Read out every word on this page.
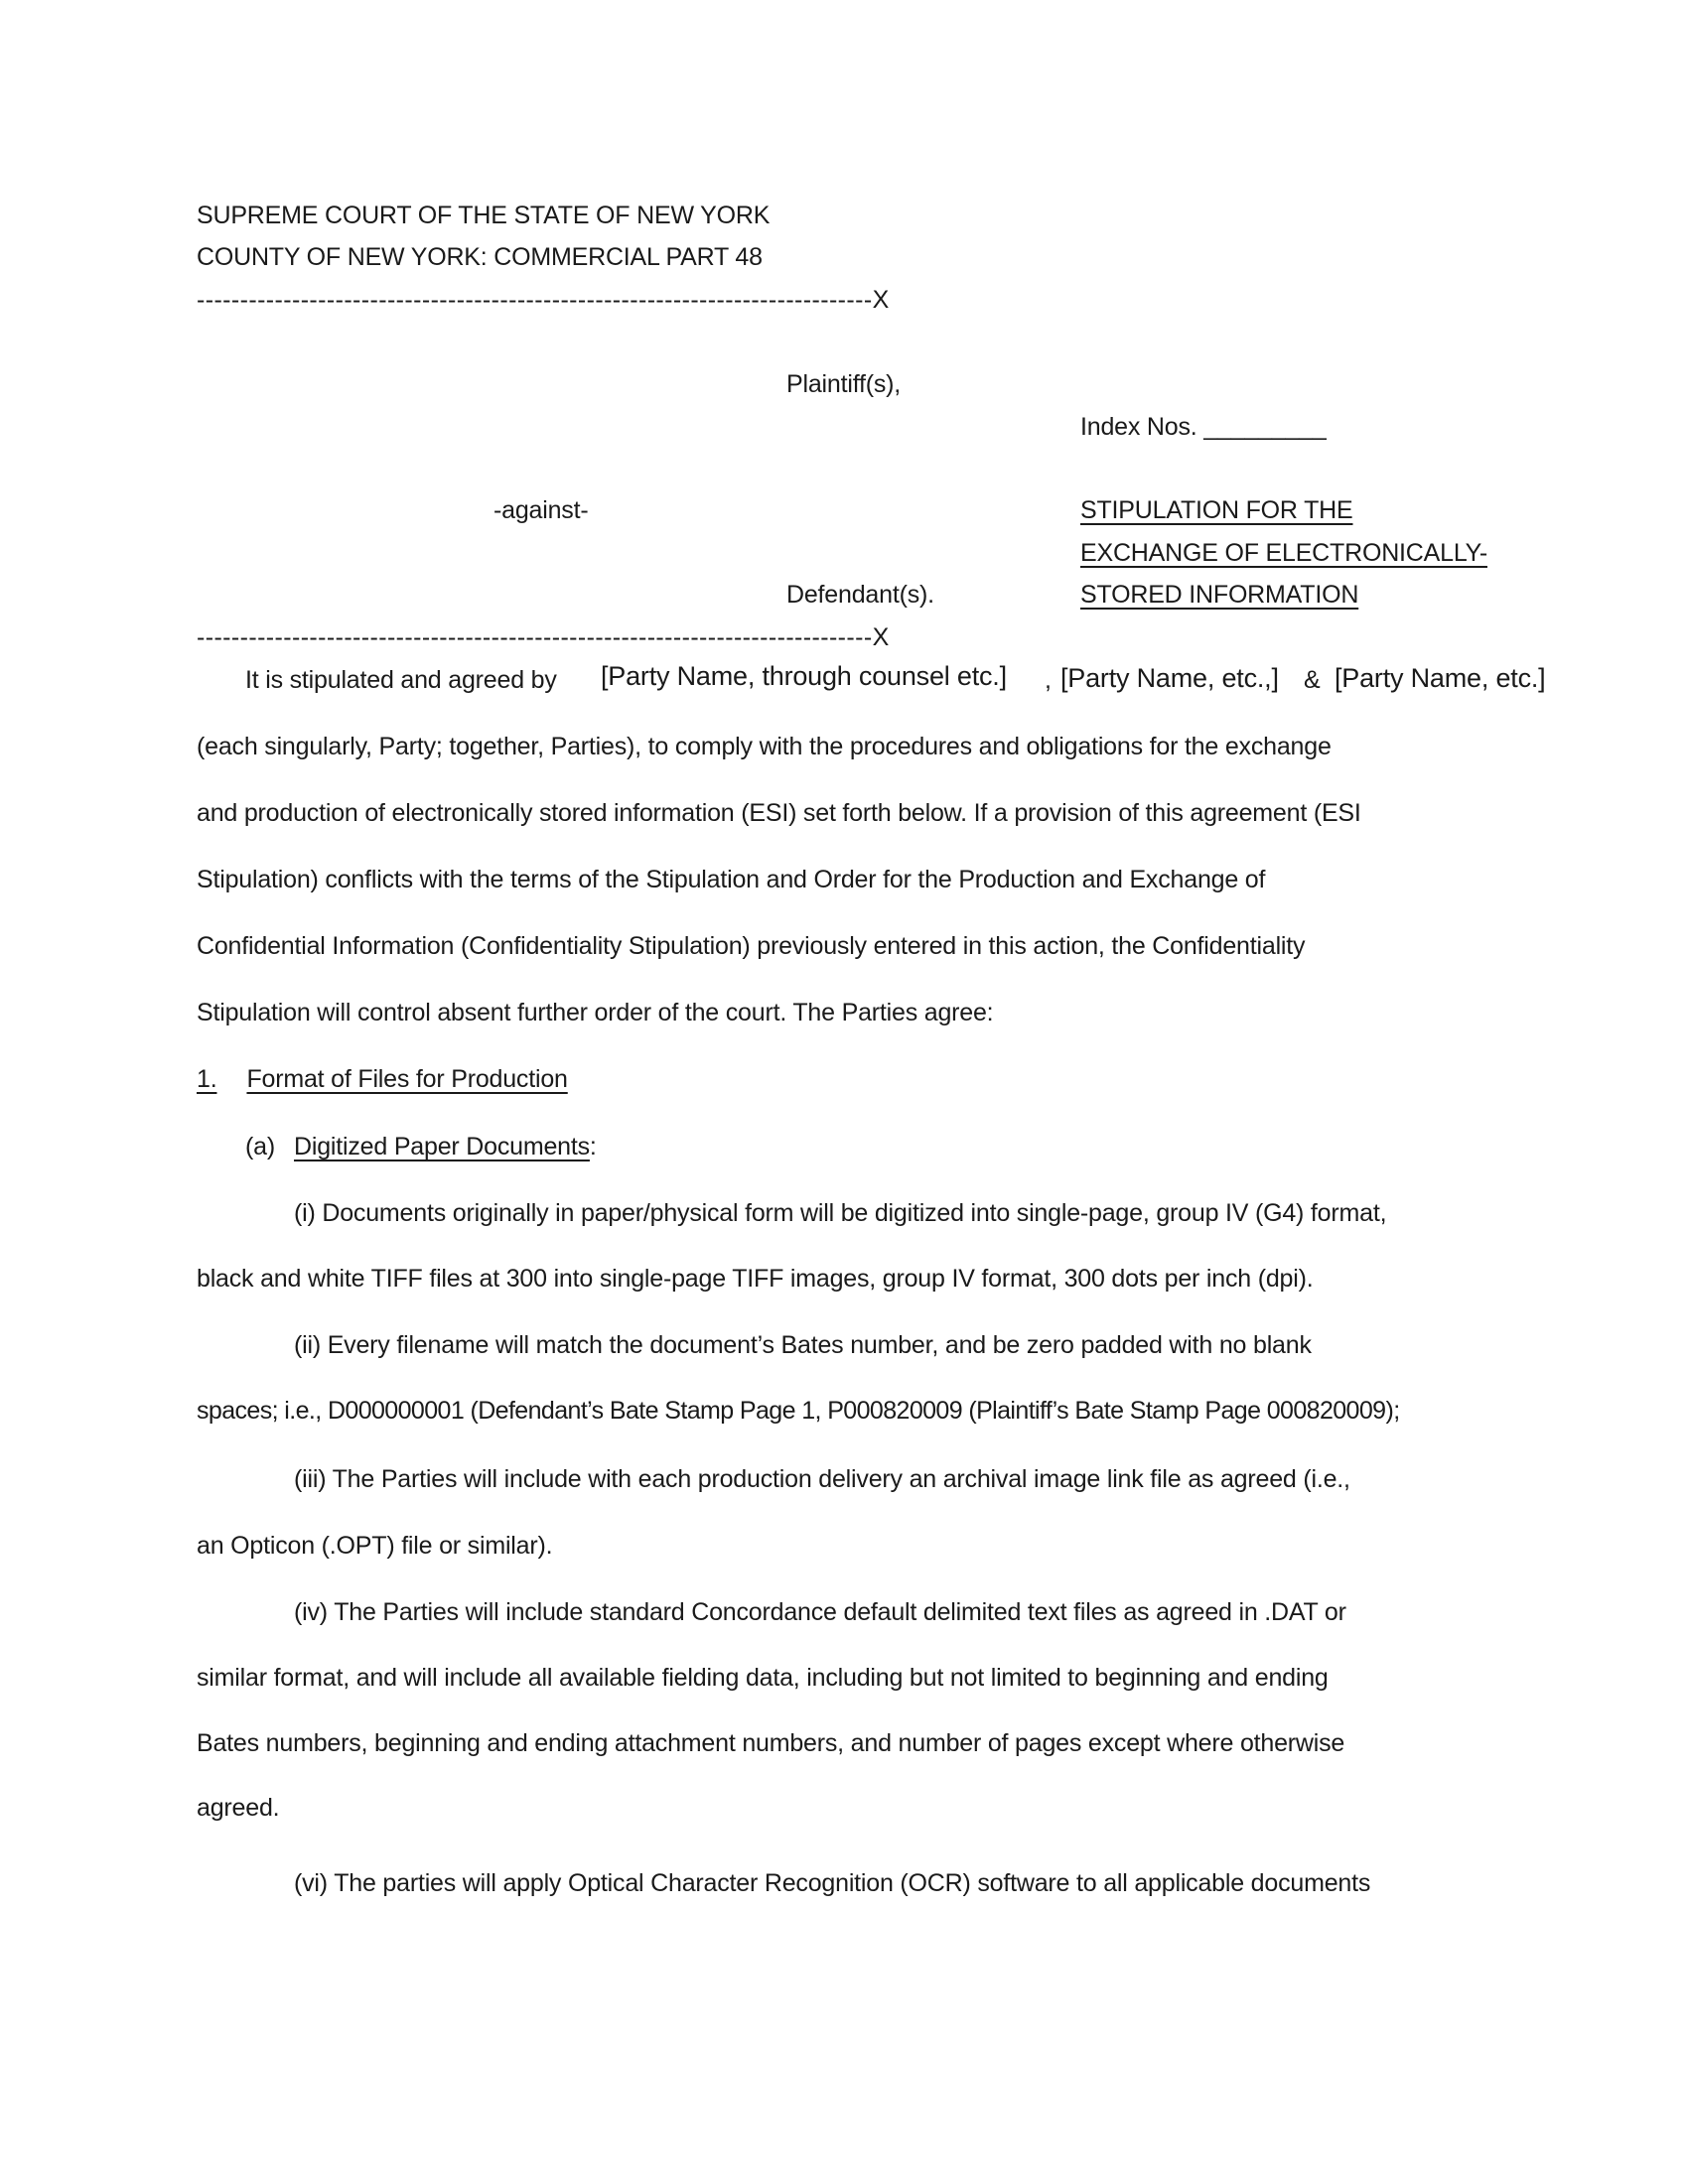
SUPREME COURT OF THE STATE OF NEW YORK
COUNTY OF NEW YORK: COMMERCIAL PART 48
------------------------------------------------------------------------------X
Plaintiff(s),
Index Nos. _________
-against-	STIPULATION FOR THE
EXCHANGE OF ELECTRONICALLY-
Defendant(s).	STORED INFORMATION
------------------------------------------------------------------------------X
It is stipulated and agreed by [Party Name, through counsel etc.] , [Party Name, etc.,] & [Party Name, etc.]
(each singularly, Party; together, Parties), to comply with the procedures and obligations for the exchange
and production of electronically stored information (ESI) set forth below. If a provision of this agreement (ESI
Stipulation) conflicts with the terms of the Stipulation and Order for the Production and Exchange of
Confidential Information (Confidentiality Stipulation) previously entered in this action, the Confidentiality
Stipulation will control absent further order of the court. The Parties agree:
1. Format of Files for Production
(a) Digitized Paper Documents:
(i) Documents originally in paper/physical form will be digitized into single-page, group IV (G4) format,
black and white TIFF files at 300 into single-page TIFF images, group IV format, 300 dots per inch (dpi).
(ii) Every filename will match the document’s Bates number, and be zero padded with no blank
spaces; i.e., D000000001 (Defendant’s Bate Stamp Page 1, P000820009 (Plaintiff’s Bate Stamp Page 000820009);
(iii) The Parties will include with each production delivery an archival image link file as agreed (i.e.,
an Opticon (.OPT) file or similar).
(iv) The Parties will include standard Concordance default delimited text files as agreed in .DAT or
similar format, and will include all available fielding data, including but not limited to beginning and ending
Bates numbers, beginning and ending attachment numbers, and number of pages except where otherwise
agreed.
(vi) The parties will apply Optical Character Recognition (OCR) software to all applicable documents
